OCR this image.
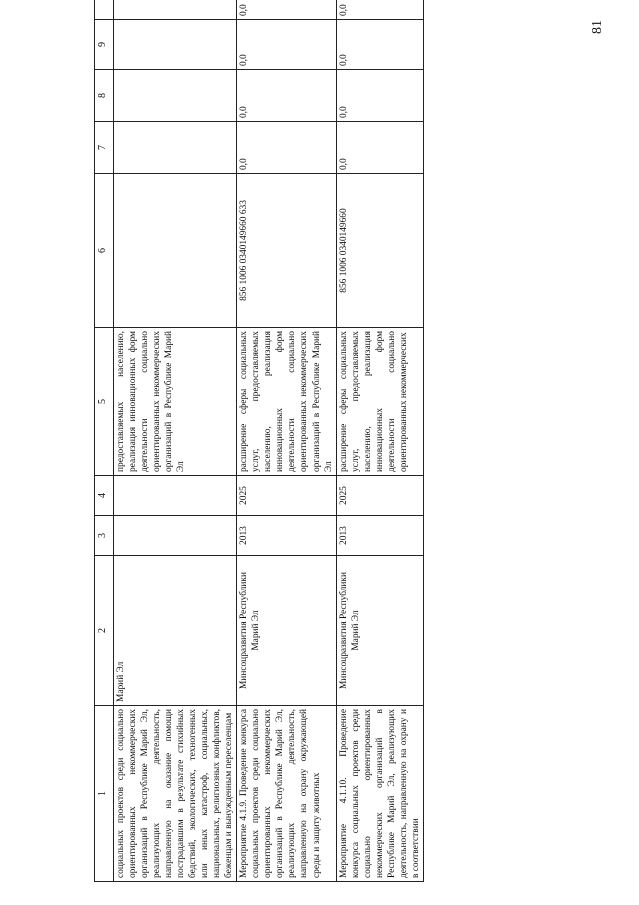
81
1	2	3	4	5	6	7	8	9	
социальных проектов среди социально ориентированных некоммерческих организаций в Республике Марий Эл, реализующих деятельность, направленную на оказание помощи пострадавшим в результате стихийных бедствий, экологических, техногенных или иных катастроф, социальных, национальных, религиозных конфликтов, беженцам и вынужденным переселенцам	Марий Эл			предоставляемых населению, реализация инновационных форм деятельности социально ориентированных некоммерческих организаций в Республике Марий Эл					
Мероприятие 4.1.9. Проведение конкурса социальных проектов среди социально ориентированных некоммерческих организаций в Республике Марий Эл, реализующих деятельность, направленную на охрану окружающей среды и защиту животных	Минсоцразвития Республики Марий Эл	2013	2025	расширение сферы социальных услуг, предоставляемых населению, реализация инновационных форм деятельности социально ориентированных некоммерческих организаций в Республике Марий Эл	856 1006 0340149660 633	0,0	0,0	0,0	0,0
Мероприятие 4.1.10. Проведение конкурса социальных проектов среди социально ориентированных некоммерческих организаций в Республике Марий Эл, реализующих деятельность, направленную на охрану и в соответствии	Минсоцразвития Республики Марий Эл	2013	2025	расширение сферы социальных услуг, предоставляемых населению, реализация инновационных форм деятельности социально ориентированных некоммерческих	856 1006 0340149660	0,0	0,0	0,0	0,0
